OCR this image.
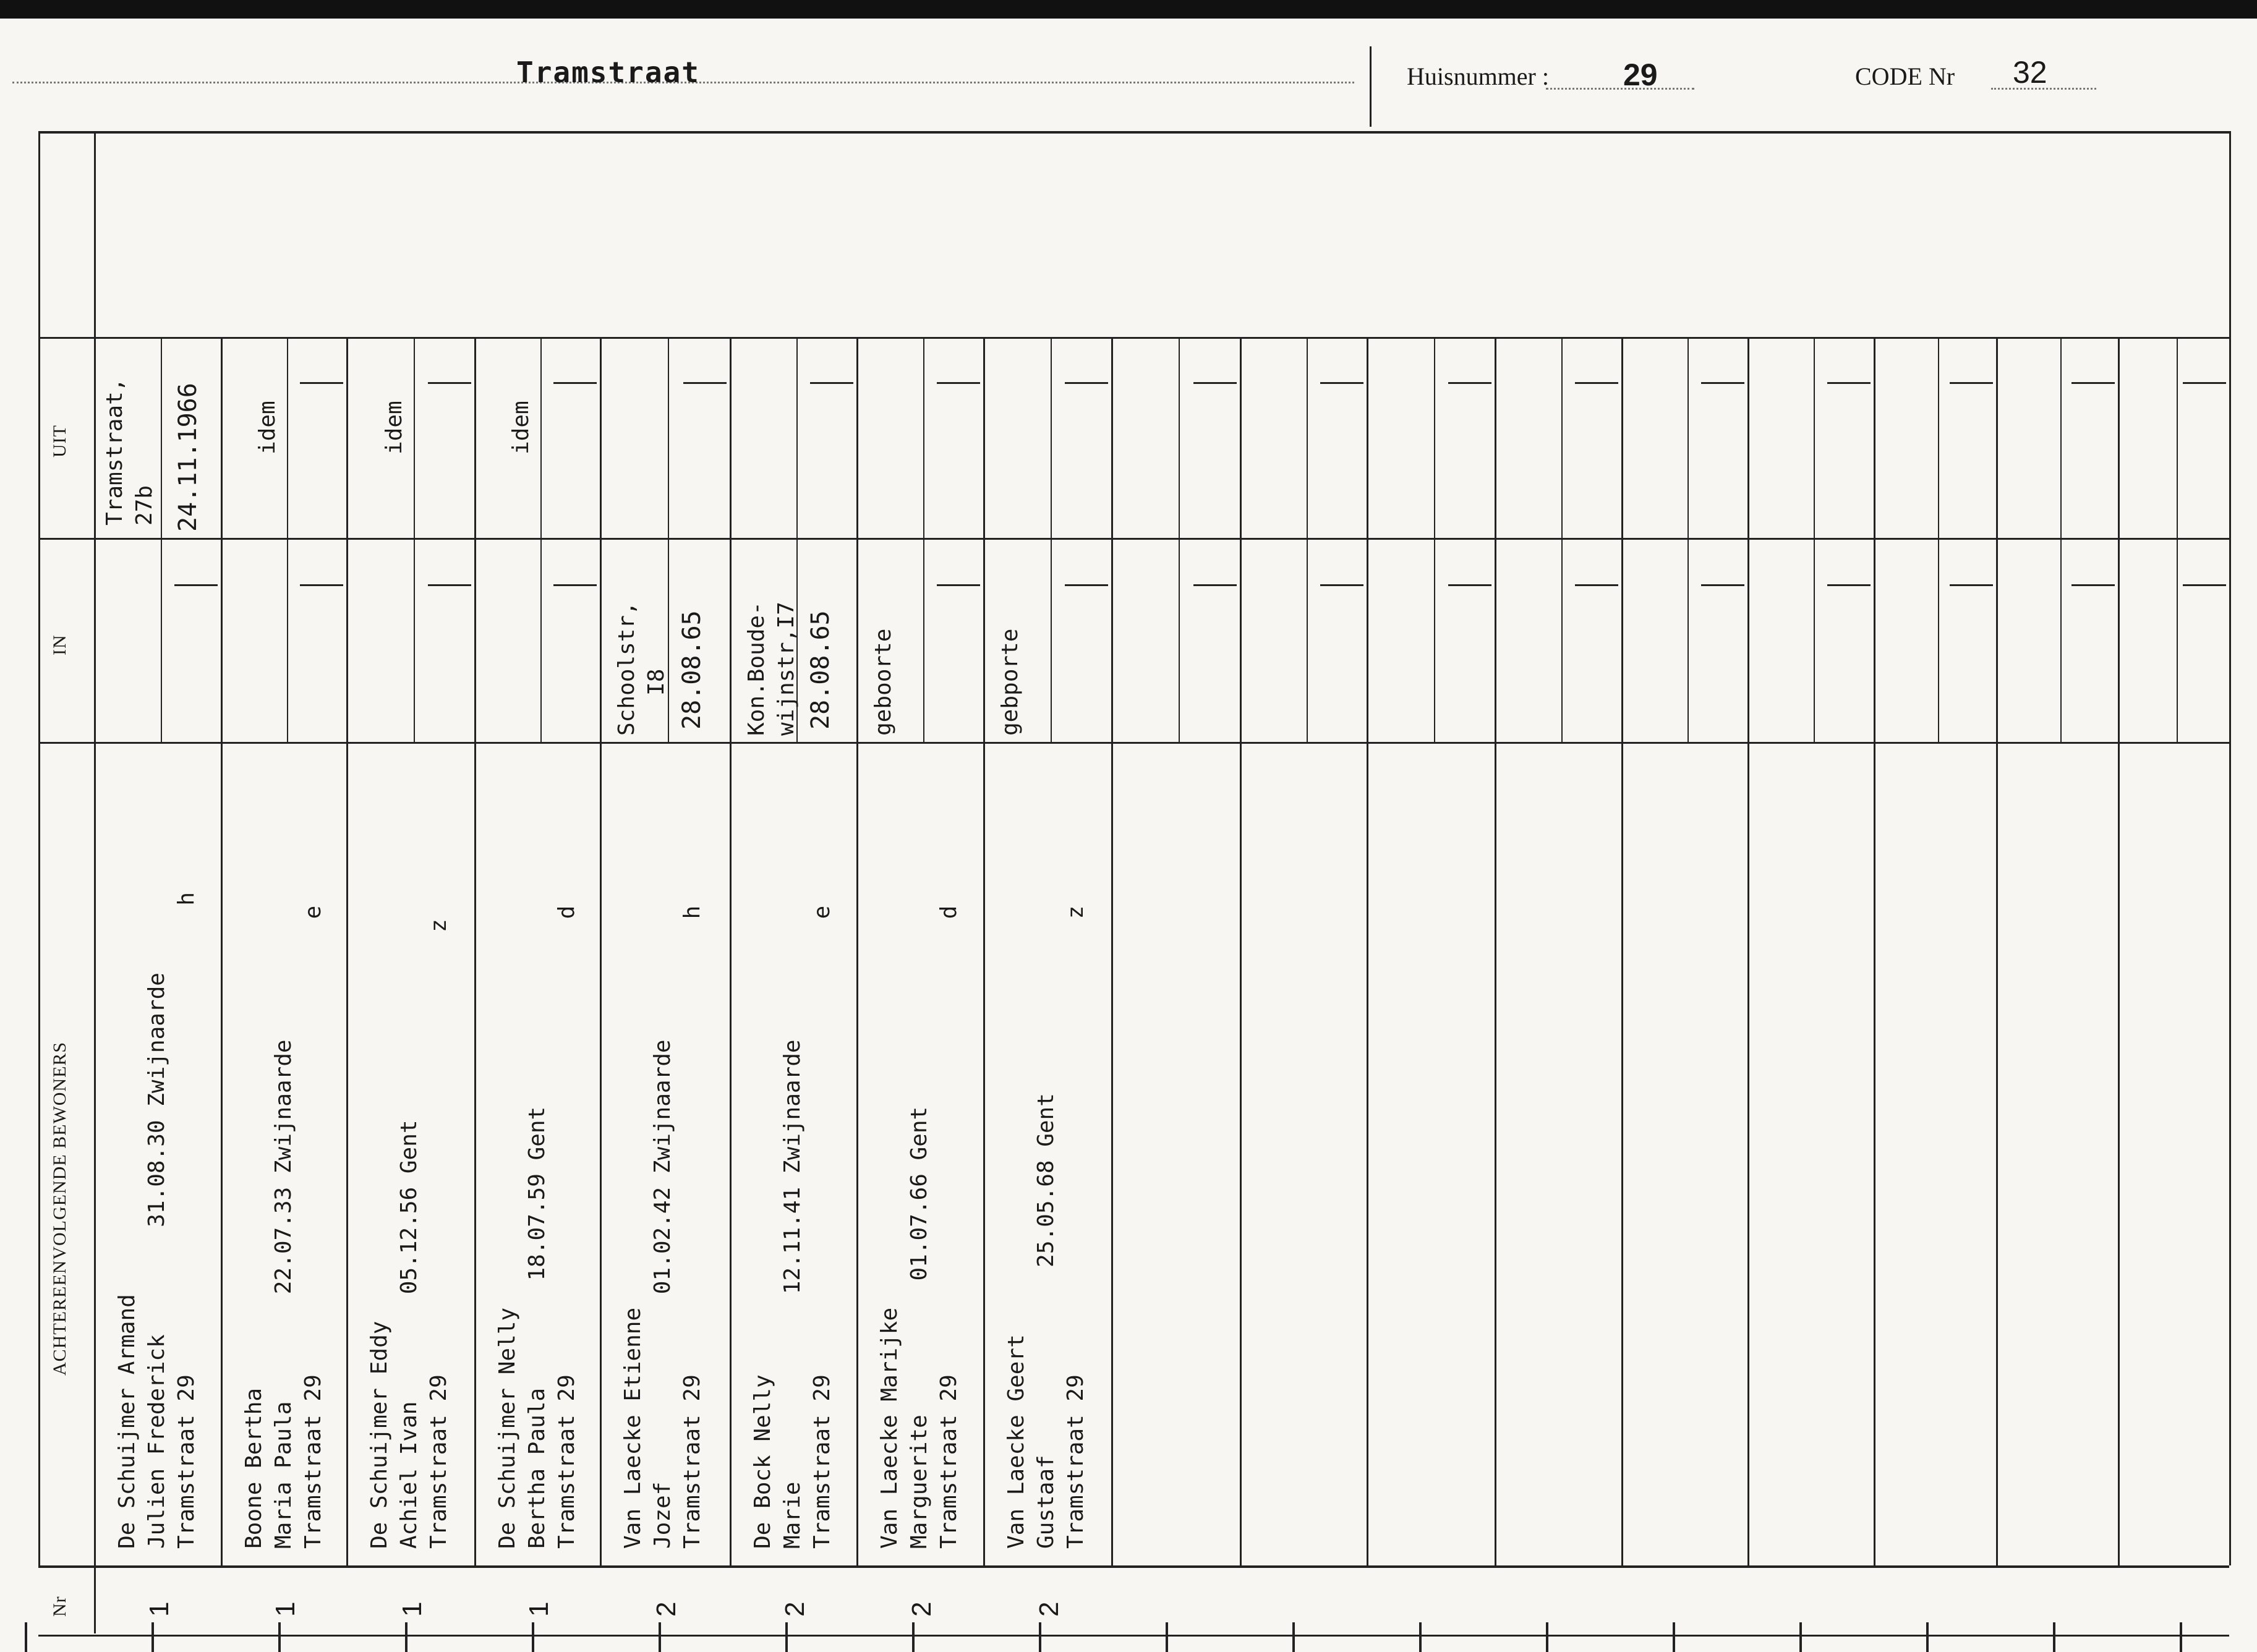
Tramstraat	Huisnummer : 29	CODE Nr 32
Nr
ACHTEREENVOLGENDE BEWONERS
IN
UIT
1
De Schuijmer Armand
Julien Frederick        31.08.30 Zwijnaarde
Tramstraat 29                                   h
Tramstraat,
27b 24.11.1966
1
Boone Bertha
Maria Paula        22.07.33 Zwijnaarde
Tramstraat 29                                  e
idem
1
De Schuijmer Eddy
Achiel Ivan        05.12.56 Gent
Tramstraat 29                                 z
idem
1
De Schuijmer Nelly
Bertha Paula        18.07.59 Gent
Tramstraat 29                                  d
idem
2
Van Laecke Etienne
Jozef              01.02.42 Zwijnaarde
Tramstraat 29                                  h
Schoolstr,
I8 28.08.65
2
De Bock Nelly
Marie              12.11.41 Zwijnaarde
Tramstraat 29                                  e
Kon.Boude-
wijnstr,I7 28.08.65
2
Van Laecke Marijke
Marguerite          01.07.66 Gent
Tramstraat 29                                  d
geboorte
2
Van Laecke Geert
Gustaaf              25.05.68 Gent
Tramstraat 29                                  z
gebporte
